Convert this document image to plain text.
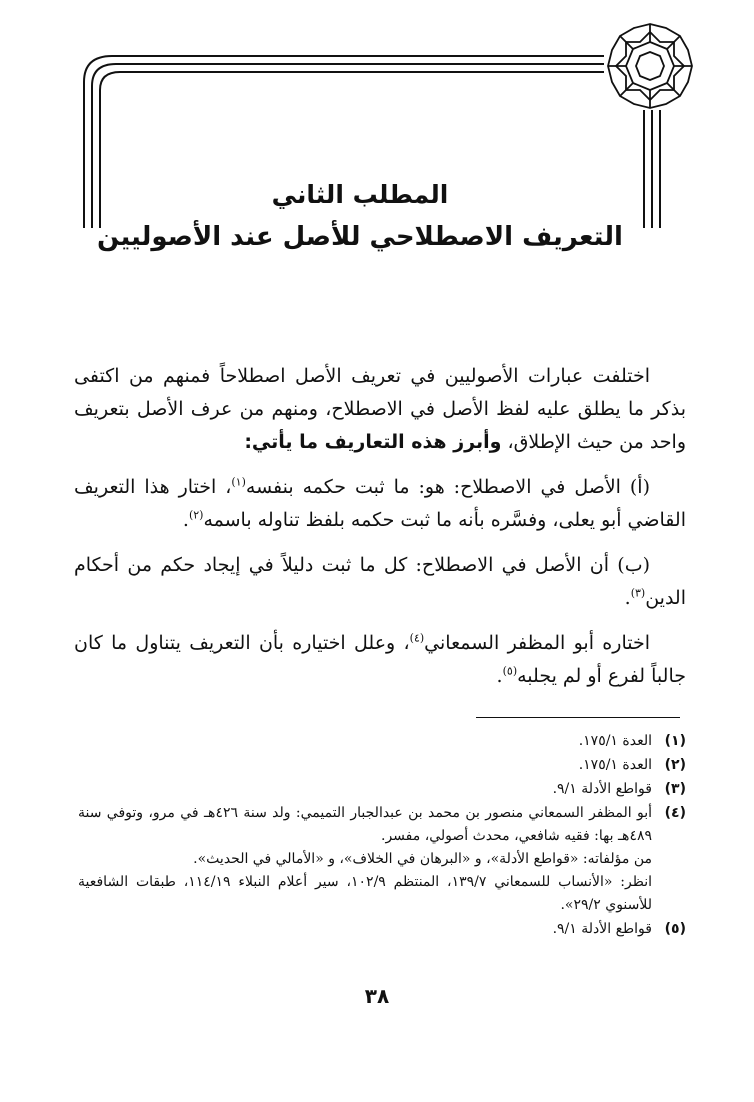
المطلب الثاني
التعريف الاصطلاحي للأصل عند الأصوليين

اختلفت عبارات الأصوليين في تعريف الأصل اصطلاحاً فمنهم من اكتفى بذكر ما يطلق عليه لفظ الأصل في الاصطلاح، ومنهم من عرف الأصل بتعريف واحد من حيث الإطلاق، وأبرز هذه التعاريف ما يأتي:

(أ) الأصل في الاصطلاح: هو: ما ثبت حكمه بنفسه$^{(١)}$، اختار هذا التعريف القاضي أبو يعلى، وفسَّره بأنه ما ثبت حكمه بلفظ تناوله باسمه$^{(٢)}$.

(ب) أن الأصل في الاصطلاح: كل ما ثبت دليلاً في إيجاد حكم من أحكام الدين$^{(٣)}$.

اختاره أبو المظفر السمعاني$^{(٤)}$، وعلل اختياره بأن التعريف يتناول ما كان جالباً لفرع أو لم يجلبه$^{(٥)}$.

(١)
العدة ١٧٥/١.
(٢)
العدة ١٧٥/١.
(٣)
قواطع الأدلة ٩/١.
(٤)
أبو المظفر السمعاني منصور بن محمد بن عبدالجبار التميمي: ولد سنة ٤٢٦هـ في مرو، وتوفي سنة ٤٨٩هـ بها: فقيه شافعي، محدث أصولي، مفسر.
من مؤلفاته: «قواطع الأدلة»، و «البرهان في الخلاف»، و «الأمالي في الحديث».
انظر: «الأنساب للسمعاني ١٣٩/٧، المنتظم ١٠٢/٩، سير أعلام النبلاء ١١٤/١٩، طبقات الشافعية للأسنوي ٢٩/٢».
(٥)
قواطع الأدلة ٩/١.
٣٨
